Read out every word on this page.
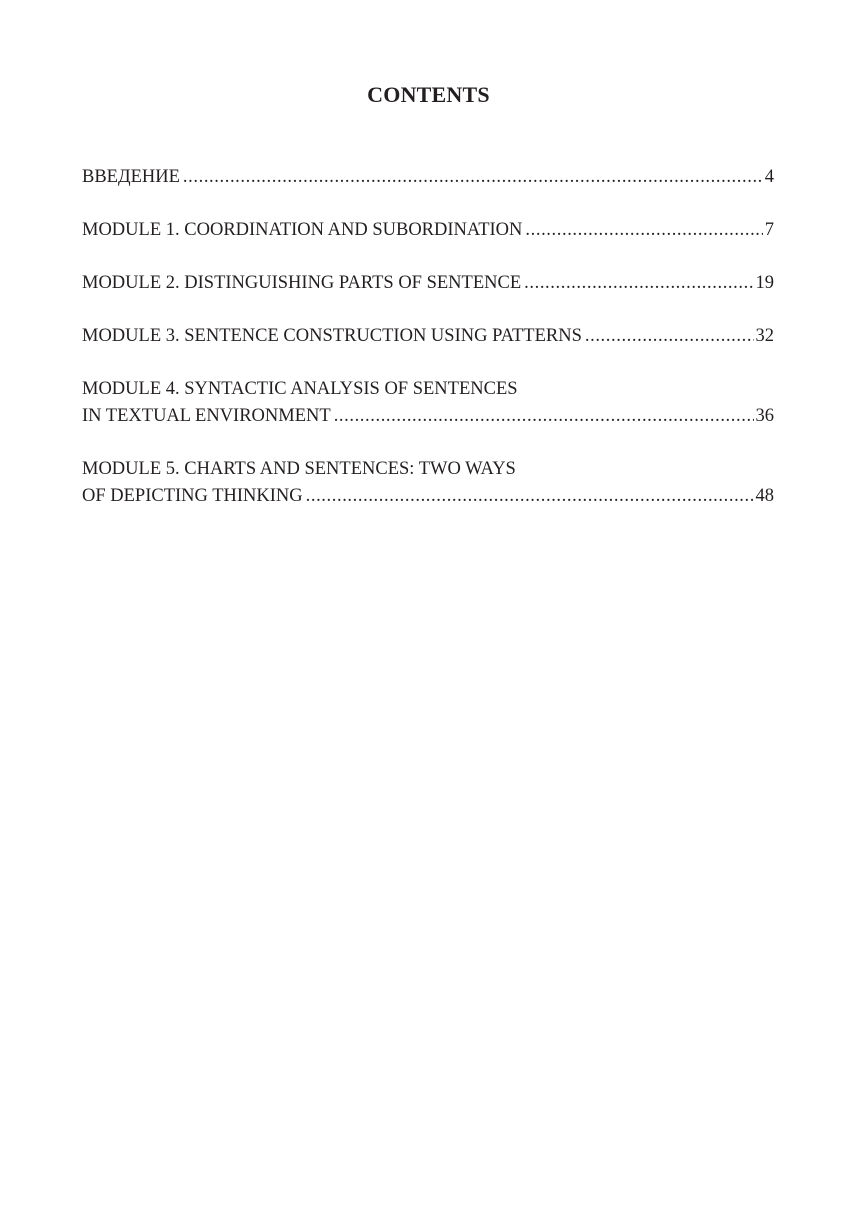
CONTENTS
ВВЕДЕНИЕ .....	4
MODULE 1. COORDINATION AND SUBORDINATION .....	7
MODULE 2. DISTINGUISHING PARTS OF SENTENCE .....	19
MODULE 3. SENTENCE CONSTRUCTION USING PATTERNS .....	32
MODULE 4. SYNTACTIC ANALYSIS OF SENTENCES
IN TEXTUAL ENVIRONMENT .....	36
MODULE 5. CHARTS AND SENTENCES: TWO WAYS
OF DEPICTING THINKING .....	48
